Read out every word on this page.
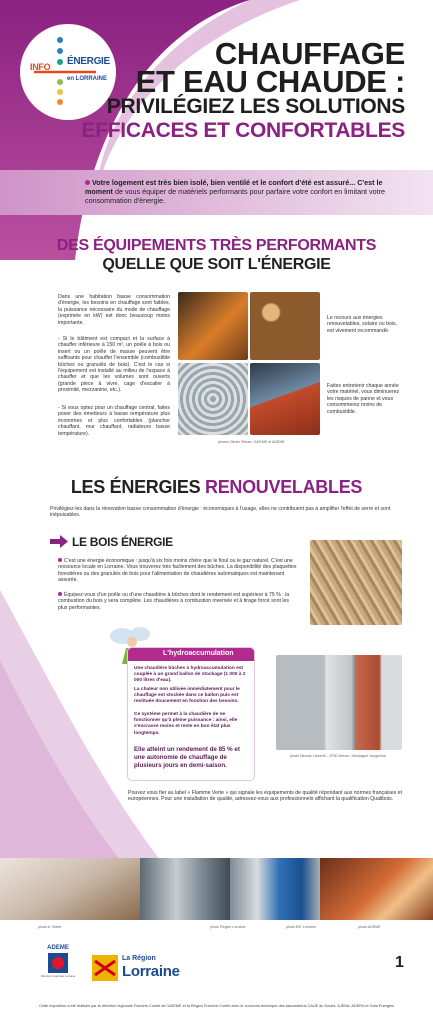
INFO ÉNERGIE
en LORRAINE
CHAUFFAGE
ET EAU CHAUDE :
PRIVILÉGIEZ LES SOLUTIONS
EFFICACES ET CONFORTABLES
Votre logement est très bien isolé, bien ventilé et le confort d'été est assuré... C'est le moment de vous équiper de matériels performants pour parfaire votre confort en limitant votre consommation d'énergie.
DES ÉQUIPEMENTS TRÈS PERFORMANTS
QUELLE QUE SOIT L'ÉNERGIE
Dans une habitation basse consommation d'énergie, les besoins en chauffage sont faibles, la puissance nécessaire du mode de chauffage (exprimée en kW) est donc beaucoup moins importante.
- Si le bâtiment est compact et la surface à chauffer inférieure à 150 m², un poêle à bois ou insert ou un poêle de masse peuvent être suffisants pour chauffer l'ensemble (combustible bûches ou granulés de bois). C'est le cas si l'équipement est installé au milieu de l'espace à chauffer et que les volumes sont ouverts (grande pièce à vivre, cage d'escalier à proximité, mezzanine, etc.).
- Si vous optez pour un chauffage central, faites poser des émetteurs à basse température plus économes et plus confortables (plancher chauffant, mur chauffant, radiateurs basse température).
photos Olivier Sébart / ADEME et ADEME
Le recours aux énergies renouvelables, solaire ou bois, est vivement recommandé.
Faites entretenir chaque année votre matériel, vous diminuerez les risques de panne et vous consommerez moins de combustible.
LES ÉNERGIES RENOUVELABLES
Privilégiez-les dans la rénovation basse consommation d'énergie : économiques à l'usage, elles ne contribuent pas à amplifier l'effet de serre et sont inépuisables.
LE BOIS ÉNERGIE
C'est une énergie économique : jusqu'à six fois moins chère que le fioul ou le gaz naturel. C'est une ressource locale en Lorraine. Vous trouverez très facilement des bûches. La disponibilité des plaquettes forestières ou des granulés de bois pour l'alimentation de chaudières automatiques est maintenant assurée.
Équipez-vous d'un poêle ou d'une chaudière à bûches dont le rendement est supérieur à 75 % : la combustion du bois y sera complète. Les chaudières à combustion inversée et à tirage forcé sont les plus performantes.
L'hydroaccumulation
Une chaudière bûches à hydroaccumulation est couplée à un grand ballon de stockage (1 000 à 2 000 litres d'eau).
La chaleur non utilisée immédiatement pour le chauffage est stockée dans ce ballon puis est restituée doucement en fonction des besoins.
Ce système permet à la chaudière de ne fonctionner qu'à pleine puissance : ainsi, elle s'encrasse moins et reste en bon état plus longtemps.
Elle atteint un rendement de 85 % et une autonomie de chauffage de plusieurs jours en demi-saison.
photo Nicolas Lieberth - CPIE Meuse / Montagne Vosgienne
Pouvez vous fier au label « Flamme Verte » qui signale les équipements de qualité répondant aux normes françaises et européennes. Pour une installation de qualité, adressez-vous aux professionnels affichant la qualification Qualibois.
photo A. Warlé	photo Région Lorraine	photo EIE Lorraine	photo ADEME
ADEME
Direction régionale Lorraine
La Région
Lorraine
1
Cette exposition a été réalisée par la direction régionale Franche-Comté de l'ADEME et la Région Franche-Comté avec le concours technique des associations CAUE du Doubs, AJENA, ADERA et Gaïa Énergies.
